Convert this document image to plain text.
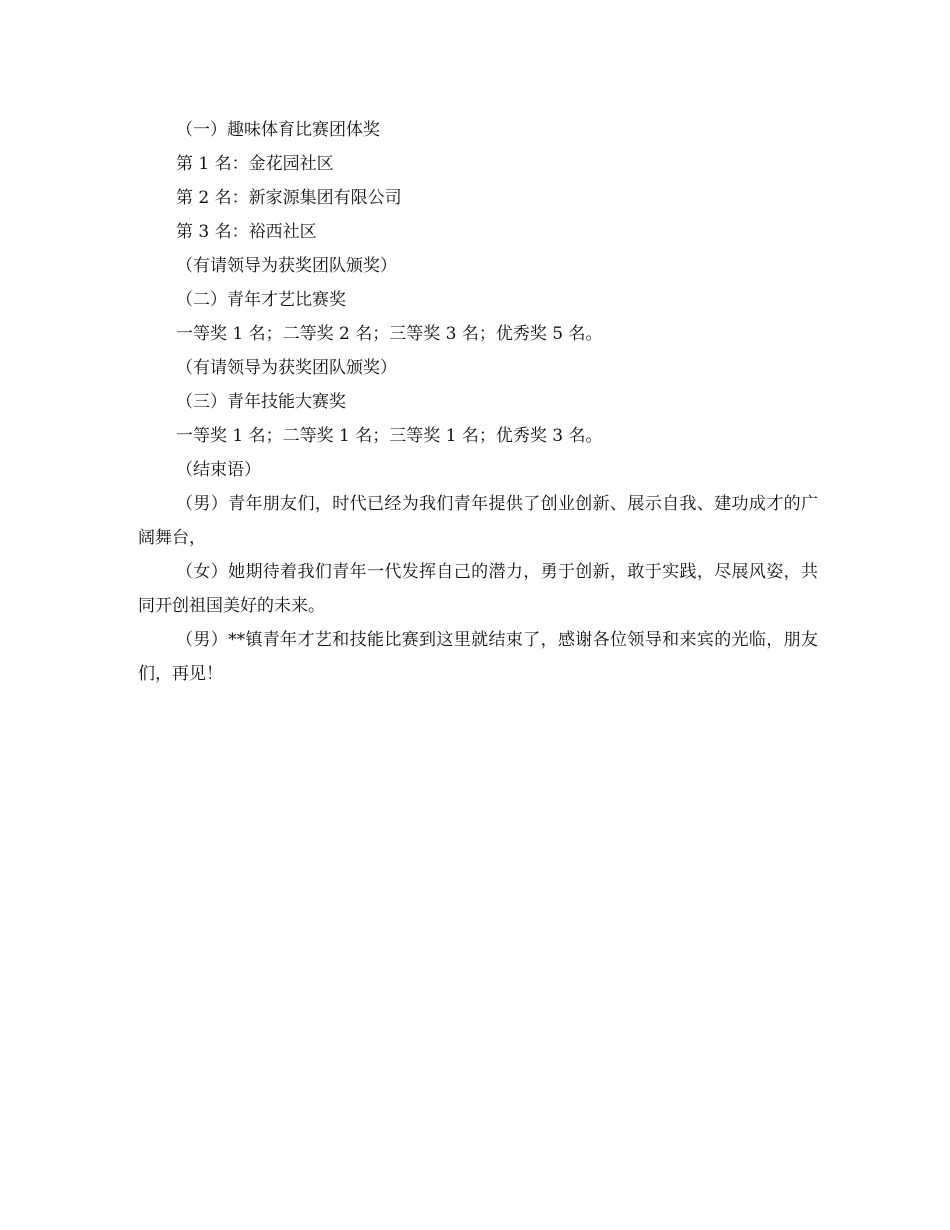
（一）趣味体育比赛团体奖
第 1 名：金花园社区
第 2 名：新家源集团有限公司
第 3 名：裕西社区
（有请领导为获奖团队颁奖）
（二）青年才艺比赛奖
一等奖 1 名；二等奖 2 名；三等奖 3 名；优秀奖 5 名。
（有请领导为获奖团队颁奖）
（三）青年技能大赛奖
一等奖 1 名；二等奖 1 名；三等奖 1 名；优秀奖 3 名。
（结束语）
（男）青年朋友们，时代已经为我们青年提供了创业创新、展示自我、建功成才的广阔舞台，
（女）她期待着我们青年一代发挥自己的潜力，勇于创新，敢于实践，尽展风姿，共同开创祖国美好的未来。
（男）**镇青年才艺和技能比赛到这里就结束了，感谢各位领导和来宾的光临，朋友们，再见！
